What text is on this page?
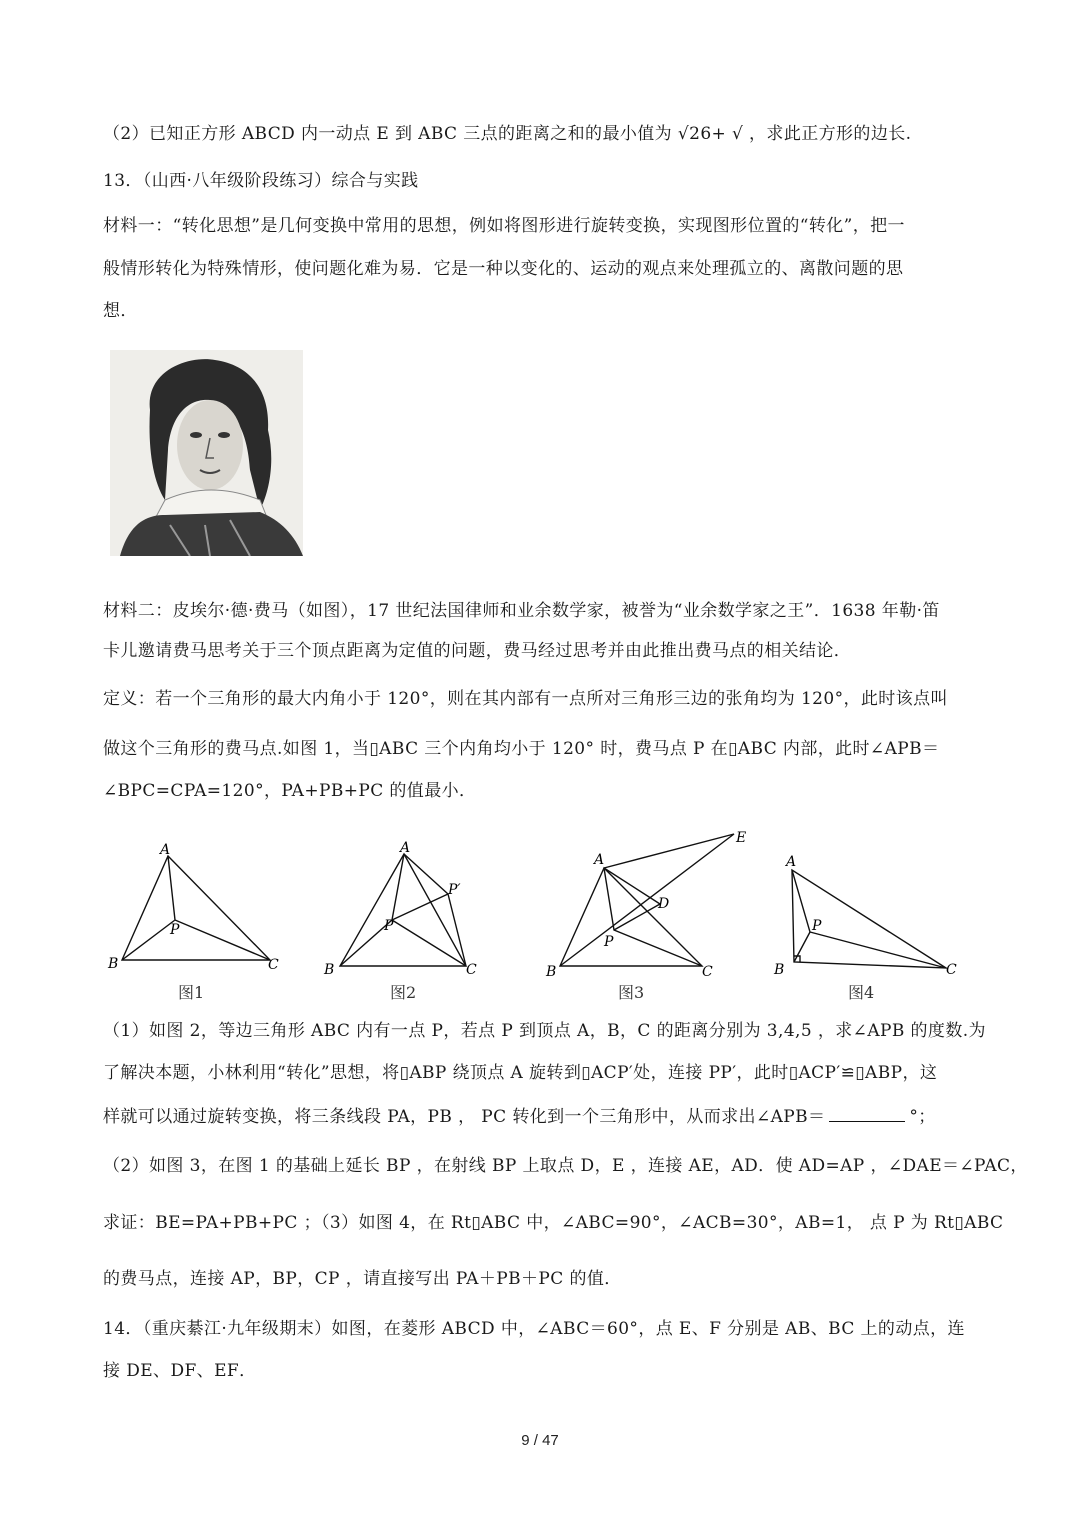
（2）已知正方形 ABCD 内一动点 E 到 ABC 三点的距离之和的最小值为 √26+ √ ，求此正方形的边长.
13．（山西·八年级阶段练习）综合与实践
材料一：“转化思想”是几何变换中常用的思想，例如将图形进行旋转变换，实现图形位置的“转化”，把一
般情形转化为特殊情形，使问题化难为易．它是一种以变化的、运动的观点来处理孤立的、离散问题的思
想．
材料二：皮埃尔·德·费马（如图），17 世纪法国律师和业余数学家，被誉为“业余数学家之王”．1638 年勒·笛
卡儿邀请费马思考关于三个顶点距离为定值的问题，费马经过思考并由此推出费马点的相关结论．
定义：若一个三角形的最大内角小于 120°，则在其内部有一点所对三角形三边的张角均为 120°，此时该点叫
做这个三角形的费马点.如图 1，当▯ABC 三个内角均小于 120° 时，费马点 P 在▯ABC 内部，此时∠APB＝
∠BPC=CPA=120°，PA+PB+PC 的值最小．
（1）如图 2，等边三角形 ABC 内有一点 P，若点 P 到顶点 A，B，C 的距离分别为 3,4,5 ，求∠APB 的度数.为
了解决本题，小林利用“转化”思想，将▯ABP 绕顶点 A 旋转到▯ACP′处，连接 PP′，此时▯ACP′≌▯ABP，这
样就可以通过旋转变换，将三条线段 PA，PB ， PC 转化到一个三角形中，从而求出∠APB＝	°；
（2）如图 3，在图 1 的基础上延长 BP ，在射线 BP 上取点 D，E ，连接 AE，AD．使 AD=AP ，∠DAE＝∠PAC，
求证：BE=PA+PB+PC ；（3）如图 4，在 Rt▯ABC 中，∠ABC=90°，∠ACB=30°，AB=1， 点 P 为 Rt▯ABC
的费马点，连接 AP，BP，CP ，请直接写出 PA＋PB＋PC 的值．
14．（重庆綦江·九年级期末）如图，在菱形 ABCD 中，∠ABC＝60°，点 E、F 分别是 AB、BC 上的动点，连
接 DE、DF、EF．
A
B	C
P
图1
A
B	C
P
P′
图2
A
B	C
P
D
E
图3
A
B	C
P
图4
9 / 47
